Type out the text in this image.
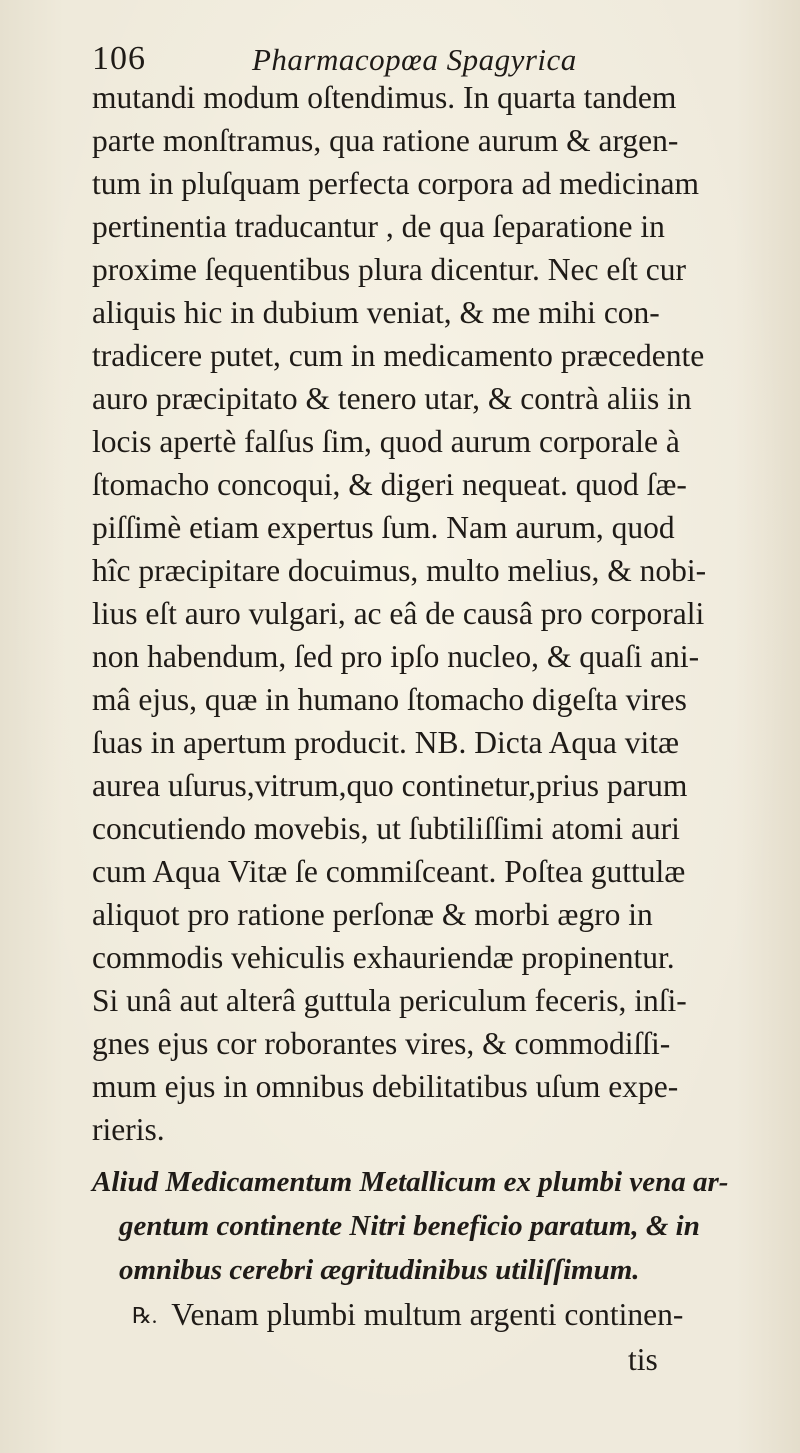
106	Pharmacopœa Spagyrica
mutandi modum oſtendimus. In quarta tandem
parte monſtramus, qua ratione aurum & argen-
tum in pluſquam perfecta corpora ad medicinam
pertinentia traducantur , de qua ſeparatione in
proxime ſequentibus plura dicentur. Nec eſt cur
aliquis hic in dubium veniat, & me mihi con-
tradicere putet, cum in medicamento præcedente
auro præcipitato & tenero utar, & contrà aliis in
locis apertè falſus ſim, quod aurum corporale à
ſtomacho concoqui, & digeri nequeat. quod ſæ-
piſſimè etiam expertus ſum. Nam aurum, quod
hîc præcipitare docuimus, multo melius, & nobi-
lius eſt auro vulgari, ac eâ de causâ pro corporali
non habendum, ſed pro ipſo nucleo, & quaſi ani-
mâ ejus, quæ in humano ſtomacho digeſta vires
ſuas in apertum producit. NB. Dicta Aqua vitæ
aurea uſurus,vitrum,quo continetur,prius parum
concutiendo movebis, ut ſubtiliſſimi atomi auri
cum Aqua Vitæ ſe commiſceant. Poſtea guttulæ
aliquot pro ratione perſonæ & morbi ægro in
commodis vehiculis exhauriendæ propinentur.
Si unâ aut alterâ guttula periculum feceris, inſi-
gnes ejus cor roborantes vires, & commodiſſi-
mum ejus in omnibus debilitatibus uſum expe-
rieris.
Aliud Medicamentum Metallicum ex plumbi vena ar-
gentum continente Nitri beneficio paratum, & in
omnibus cerebri ægritudinibus utiliſſimum.
℞. Venam plumbi multum argenti continen-
tis
